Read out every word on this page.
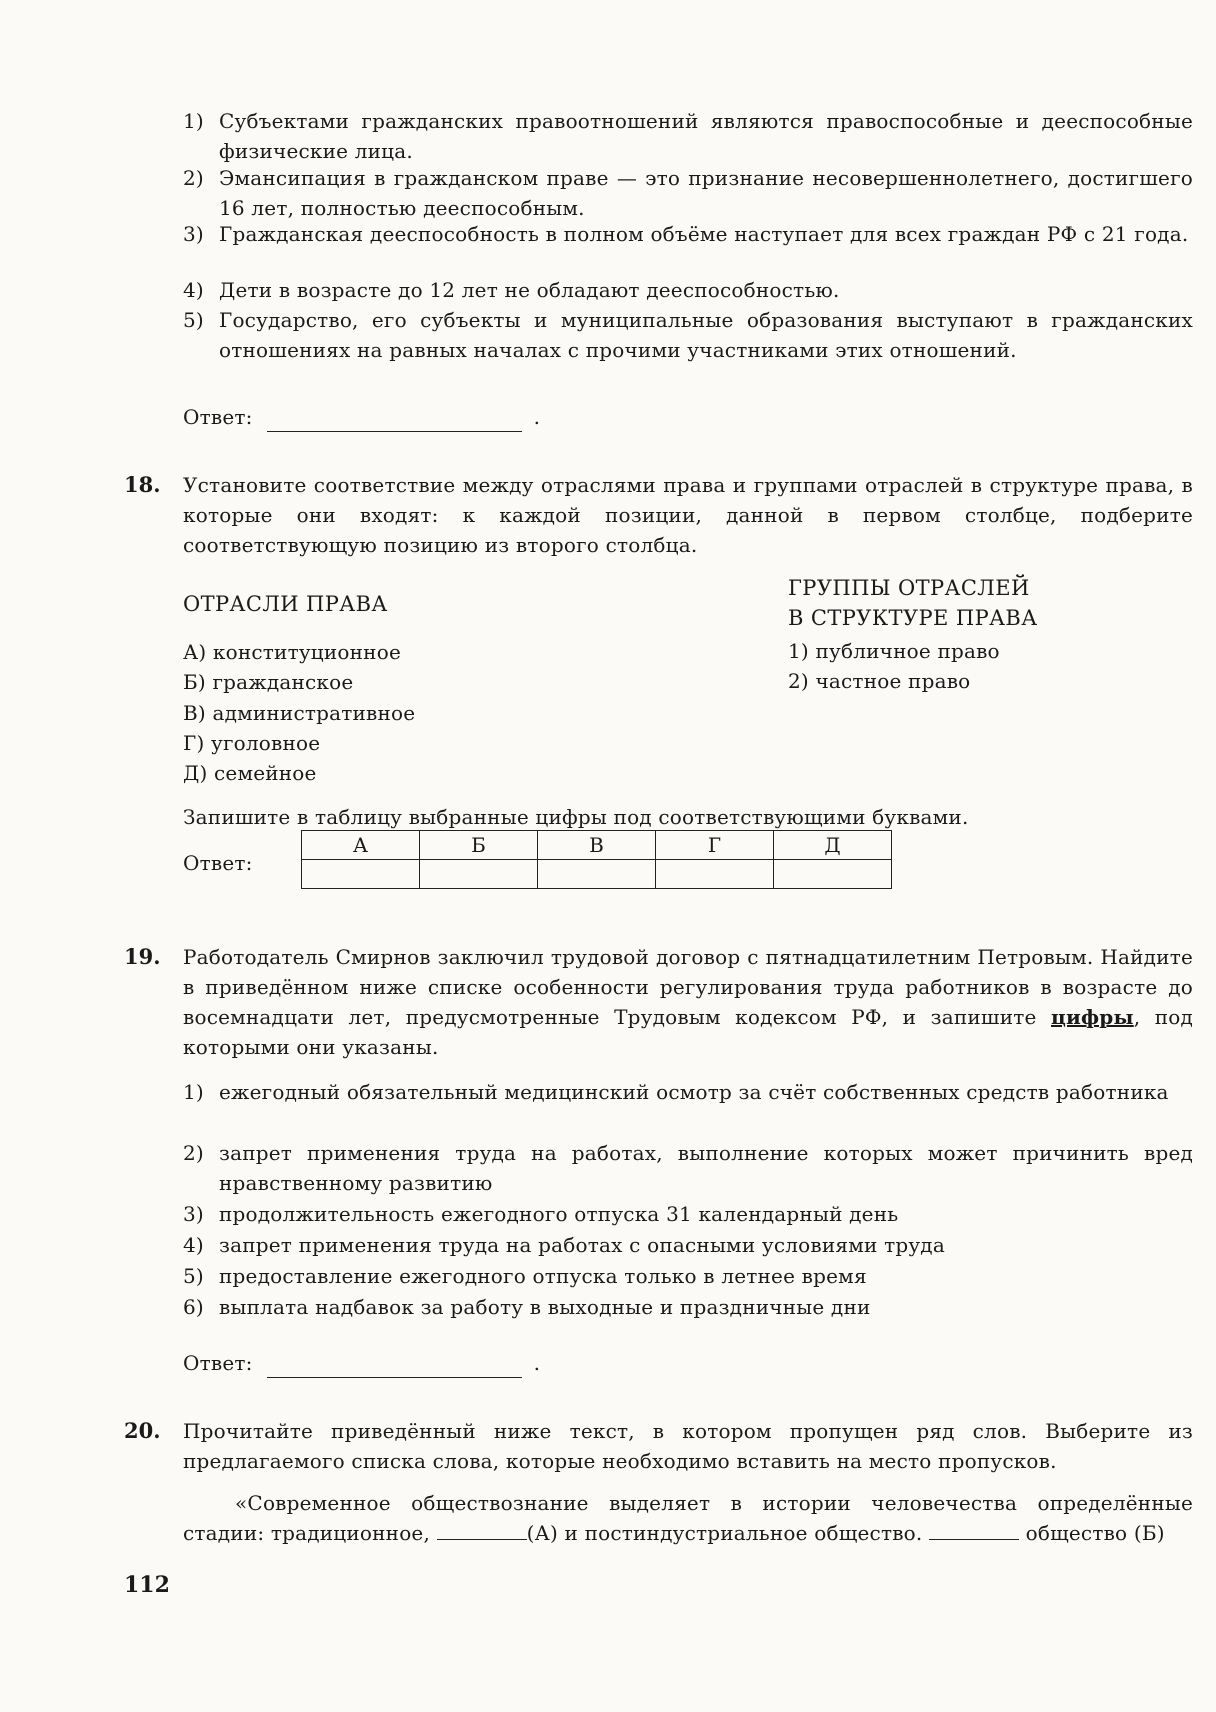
1) Субъектами гражданских правоотношений являются правоспособные и дееспособные физические лица.
2) Эмансипация в гражданском праве — это признание несовершеннолетнего, достигшего 16 лет, полностью дееспособным.
3) Гражданская дееспособность в полном объёме наступает для всех граждан РФ с 21 года.
4) Дети в возрасте до 12 лет не обладают дееспособностью.
5) Государство, его субъекты и муниципальные образования выступают в гражданских отношениях на равных началах с прочими участниками этих отношений.
Ответ:	.
18. Установите соответствие между отраслями права и группами отраслей в структуре права, в которые они входят: к каждой позиции, данной в первом столбце, подберите соответствующую позицию из второго столбца.
ОТРАСЛИ ПРАВА
ГРУППЫ ОТРАСЛЕЙ
В СТРУКТУРЕ ПРАВА
А) конституционное
Б) гражданское
В) административное
Г) уголовное
Д) семейное
1) публичное право
2) частное право
Запишите в таблицу выбранные цифры под соответствующими буквами.
Ответ:
А	Б	В	Г	Д

19. Работодатель Смирнов заключил трудовой договор с пятнадцатилетним Петровым. Найдите в приведённом ниже списке особенности регулирования труда работников в возрасте до восемнадцати лет, предусмотренные Трудовым кодексом РФ, и запишите цифры, под которыми они указаны.
1) ежегодный обязательный медицинский осмотр за счёт собственных средств работника
2) запрет применения труда на работах, выполнение которых может причинить вред нравственному развитию
3) продолжительность ежегодного отпуска 31 календарный день
4) запрет применения труда на работах с опасными условиями труда
5) предоставление ежегодного отпуска только в летнее время
6) выплата надбавок за работу в выходные и праздничные дни
Ответ:	.
20. Прочитайте приведённый ниже текст, в котором пропущен ряд слов. Выберите из предлагаемого списка слова, которые необходимо вставить на место пропусков.
«Современное обществознание выделяет в истории человечества определённые стадии: традиционное,	(А) и постиндустриальное общество.	общество (Б)
112
